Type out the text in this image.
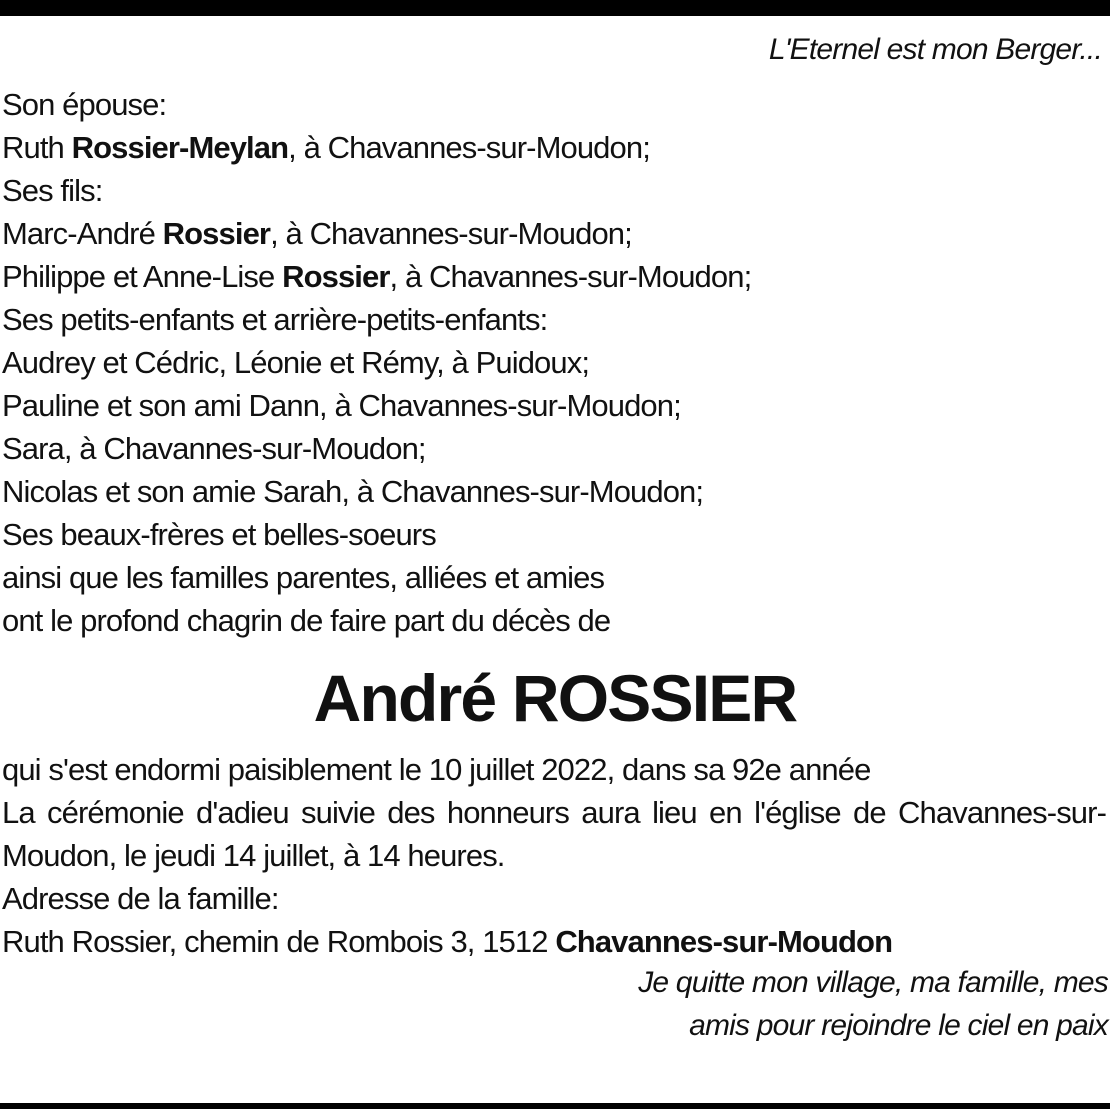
L'Eternel est mon Berger...
Son épouse:
Ruth Rossier-Meylan, à Chavannes-sur-Moudon;
Ses fils:
Marc-André Rossier, à Chavannes-sur-Moudon;
Philippe et Anne-Lise Rossier, à Chavannes-sur-Moudon;
Ses petits-enfants et arrière-petits-enfants:
Audrey et Cédric, Léonie et Rémy, à Puidoux;
Pauline et son ami Dann, à Chavannes-sur-Moudon;
Sara, à Chavannes-sur-Moudon;
Nicolas et son amie Sarah, à Chavannes-sur-Moudon;
Ses beaux-frères et belles-soeurs
ainsi que les familles parentes, alliées et amies
ont le profond chagrin de faire part du décès de
André ROSSIER
qui s'est endormi paisiblement le 10 juillet 2022, dans sa 92e année
La cérémonie d'adieu suivie des honneurs aura lieu en l'église de Chavannes-sur-Moudon, le jeudi 14 juillet, à 14 heures.
Adresse de la famille:
Ruth Rossier, chemin de Rombois 3, 1512 Chavannes-sur-Moudon
Je quitte mon village, ma famille, mes amis pour rejoindre le ciel en paix
